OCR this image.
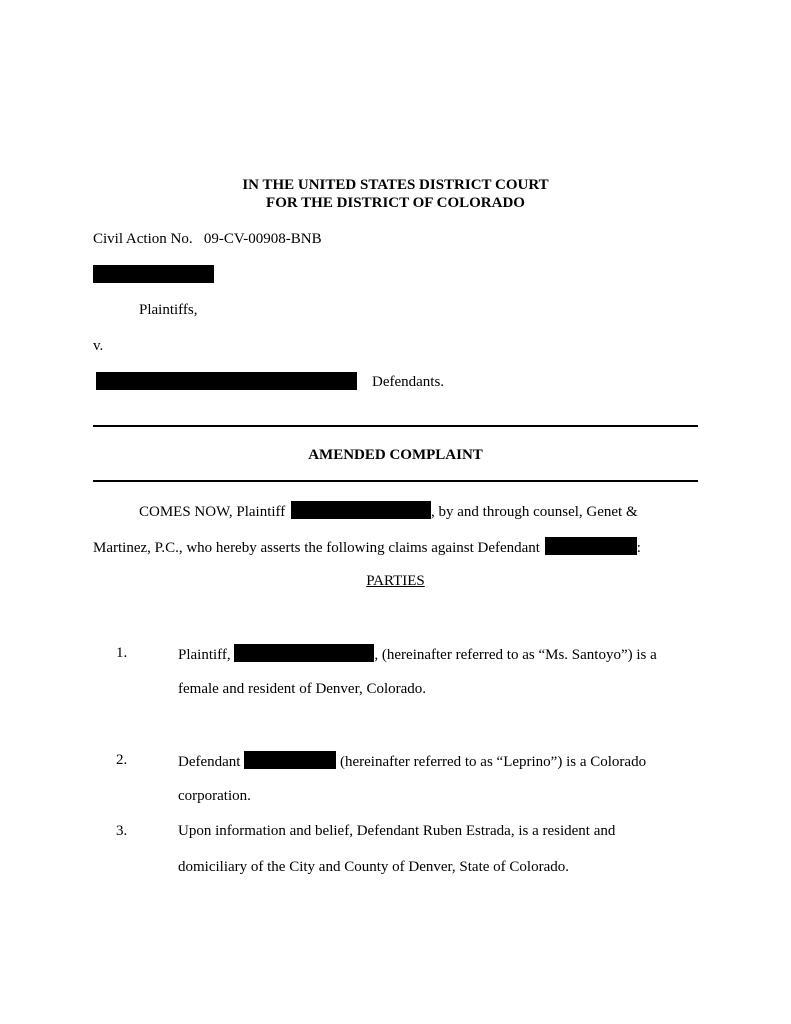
IN THE UNITED STATES DISTRICT COURT
FOR THE DISTRICT OF COLORADO
Civil Action No. 09-CV-00908-BNB
Plaintiffs,
v.
Defendants.
AMENDED COMPLAINT
COMES NOW, Plaintiff	, by and through counsel, Genet &
Martinez, P.C., who hereby asserts the following claims against Defendant	:
PARTIES
1.	Plaintiff,	, (hereinafter referred to as “Ms. Santoyo”) is a
female and resident of Denver, Colorado.
2.	Defendant	(hereinafter referred to as “Leprino”) is a Colorado
corporation.
3.	Upon information and belief, Defendant Ruben Estrada, is a resident and
domiciliary of the City and County of Denver, State of Colorado.
